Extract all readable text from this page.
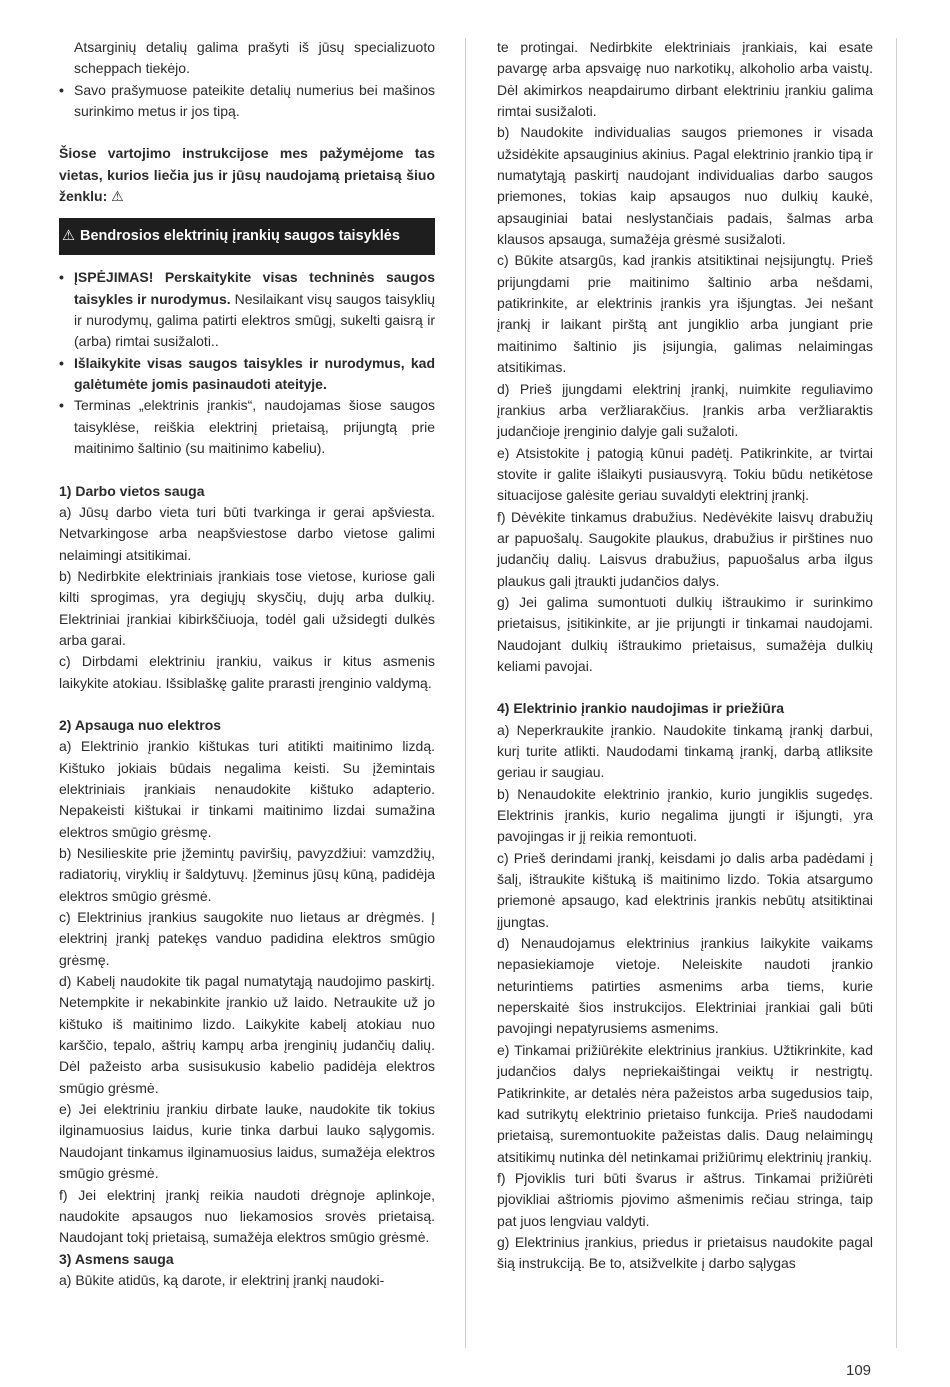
Atsarginių detalių galima prašyti iš jūsų specializuoto scheppach tiekėjo.

• Savo prašymuose pateikite detalių numerius bei mašinos surinkimo metus ir jos tipą.

Šiose vartojimo instrukcijose mes pažymėjome tas vietas, kurios liečia jus ir jūsų naudojamą prietaisą šiuo ženklu: ⚠

⚠ Bendrosios elektrinių įrankių saugos taisyklės

• ĮSPĖJIMAS! Perskaitykite visas techninės saugos taisykles ir nurodymus. Nesilaikant visų saugos taisyklių ir nurodymų, galima patirti elektros smūgį, sukelti gaisrą ir (arba) rimtai susižaloti..

• Išlaikykite visas saugos taisykles ir nurodymus, kad galėtumėte jomis pasinaudoti ateityje.

• Terminas „elektrinis įrankis“, naudojamas šiose saugos taisyklėse, reiškia elektrinį prietaisą, prijungtą prie maitinimo šaltinio (su maitinimo kabeliu).

1) Darbo vietos sauga

a) Jūsų darbo vieta turi būti tvarkinga ir gerai apšviesta. Netvarkingose arba neapšviestose darbo vietose galimi nelaimingi atsitikimai.

b) Nedirbkite elektriniais įrankiais tose vietose, kuriose gali kilti sprogimas, yra degiųjų skysčių, dujų arba dulkių. Elektriniai įrankiai kibirkščiuoja, todėl gali užsidegti dulkės arba garai.

c) Dirbdami elektriniu įrankiu, vaikus ir kitus asmenis laikykite atokiau. Išsiblaškę galite prarasti įrenginio valdymą.

2) Apsauga nuo elektros

a) Elektrinio įrankio kištukas turi atitikti maitinimo lizdą. Kištuko jokiais būdais negalima keisti. Su įžemintais elektriniais įrankiais nenaudokite kištuko adapterio. Nepakeisti kištukai ir tinkami maitinimo lizdai sumažina elektros smūgio grėsmę.

b) Nesilieskite prie įžemintų paviršių, pavyzdžiui: vamzdžių, radiatorių, viryklių ir šaldytuvų. Įžeminus jūsų kūną, padidėja elektros smūgio grėsmė.

c) Elektrinius įrankius saugokite nuo lietaus ar drėgmės. Į elektrinį įrankį patekęs vanduo padidina elektros smūgio grėsmę.

d) Kabelį naudokite tik pagal numatytąją naudojimo paskirtį. Netempkite ir nekabinkite įrankio už laido. Netraukite už jo kištuko iš maitinimo lizdo. Laikykite kabelį atokiau nuo karščio, tepalo, aštrių kampų arba įrenginių judančių dalių. Dėl pažeisto arba susisukusio kabelio padidėja elektros smūgio grėsmė.

e) Jei elektriniu įrankiu dirbate lauke, naudokite tik tokius ilginamuosius laidus, kurie tinka darbui lauko sąlygomis. Naudojant tinkamus ilginamuosius laidus, sumažėja elektros smūgio grėsmė.

f) Jei elektrinį įrankį reikia naudoti drėgnoje aplinkoje, naudokite apsaugos nuo liekamosios srovės prietaisą. Naudojant tokį prietaisą, sumažėja elektros smūgio grėsmė.

3) Asmens sauga

a) Būkite atidūs, ką darote, ir elektrinį įrankį naudoki-

te protingai. Nedirbkite elektriniais įrankiais, kai esate pavargę arba apsvaigę nuo narkotikų, alkoholio arba vaistų. Dėl akimirkos neapdairumo dirbant elektriniu įrankiu galima rimtai susižaloti.

b) Naudokite individualias saugos priemones ir visada užsidėkite apsauginius akinius. Pagal elektrinio įrankio tipą ir numatytąją paskirtį naudojant individualias darbo saugos priemones, tokias kaip apsaugos nuo dulkių kaukė, apsauginiai batai neslystančiais padais, šalmas arba klausos apsauga, sumažėja grėsmė susižaloti.

c) Būkite atsargūs, kad įrankis atsitiktinai neįsijungtų. Prieš prijungdami prie maitinimo šaltinio arba nešdami, patikrinkite, ar elektrinis įrankis yra išjungtas. Jei nešant įrankį ir laikant pirštą ant jungiklio arba jungiant prie maitinimo šaltinio jis įsijungia, galimas nelaimingas atsitikimas.

d) Prieš įjungdami elektrinį įrankį, nuimkite reguliavimo įrankius arba veržliarakčius. Įrankis arba veržliaraktis judančioje įrenginio dalyje gali sužaloti.

e) Atsistokite į patogią kūnui padėtį. Patikrinkite, ar tvirtai stovite ir galite išlaikyti pusiausvyrą. Tokiu būdu netikėtose situacijose galėsite geriau suvaldyti elektrinį įrankį.

f) Dėvėkite tinkamus drabužius. Nedėvėkite laisvų drabužių ar papuošalų. Saugokite plaukus, drabužius ir pirštines nuo judančių dalių. Laisvus drabužius, papuošalus arba ilgus plaukus gali įtraukti judančios dalys.

g) Jei galima sumontuoti dulkių ištraukimo ir surinkimo prietaisus, įsitikinkite, ar jie prijungti ir tinkamai naudojami. Naudojant dulkių ištraukimo prietaisus, sumažėja dulkių keliami pavojai.

4) Elektrinio įrankio naudojimas ir priežiūra

a) Neperkraukite įrankio. Naudokite tinkamą įrankį darbui, kurį turite atlikti. Naudodami tinkamą įrankį, darbą atliksite geriau ir saugiau.

b) Nenaudokite elektrinio įrankio, kurio jungiklis sugedęs. Elektrinis įrankis, kurio negalima įjungti ir išjungti, yra pavojingas ir jį reikia remontuoti.

c) Prieš derindami įrankį, keisdami jo dalis arba padėdami į šalį, ištraukite kištuką iš maitinimo lizdo. Tokia atsargumo priemonė apsaugo, kad elektrinis įrankis nebūtų atsitiktinai įjungtas.

d) Nenaudojamus elektrinius įrankius laikykite vaikams nepasiekiamoje vietoje. Neleiskite naudoti įrankio neturintiems patirties asmenims arba tiems, kurie neperskaitė šios instrukcijos. Elektriniai įrankiai gali būti pavojingi nepatyrusiems asmenims.

e) Tinkamai prižiūrėkite elektrinius įrankius. Užtikrinkite, kad judančios dalys nepriekaištingai veiktų ir nestrigtų. Patikrinkite, ar detalės nėra pažeistos arba sugedusios taip, kad sutrikytų elektrinio prietaiso funkcija. Prieš naudodami prietaisą, suremontuokite pažeistas dalis. Daug nelaimingų atsitikimų nutinka dėl netinkamai prižiūrimų elektrinių įrankių.

f) Pjoviklis turi būti švarus ir aštrus. Tinkamai prižiūrėti pjovikliai aštriomis pjovimo ašmenimis rečiau stringa, taip pat juos lengviau valdyti.

g) Elektrinius įrankius, priedus ir prietaisus naudokite pagal šią instrukciją. Be to, atsižvelkite į darbo sąlygas

109
